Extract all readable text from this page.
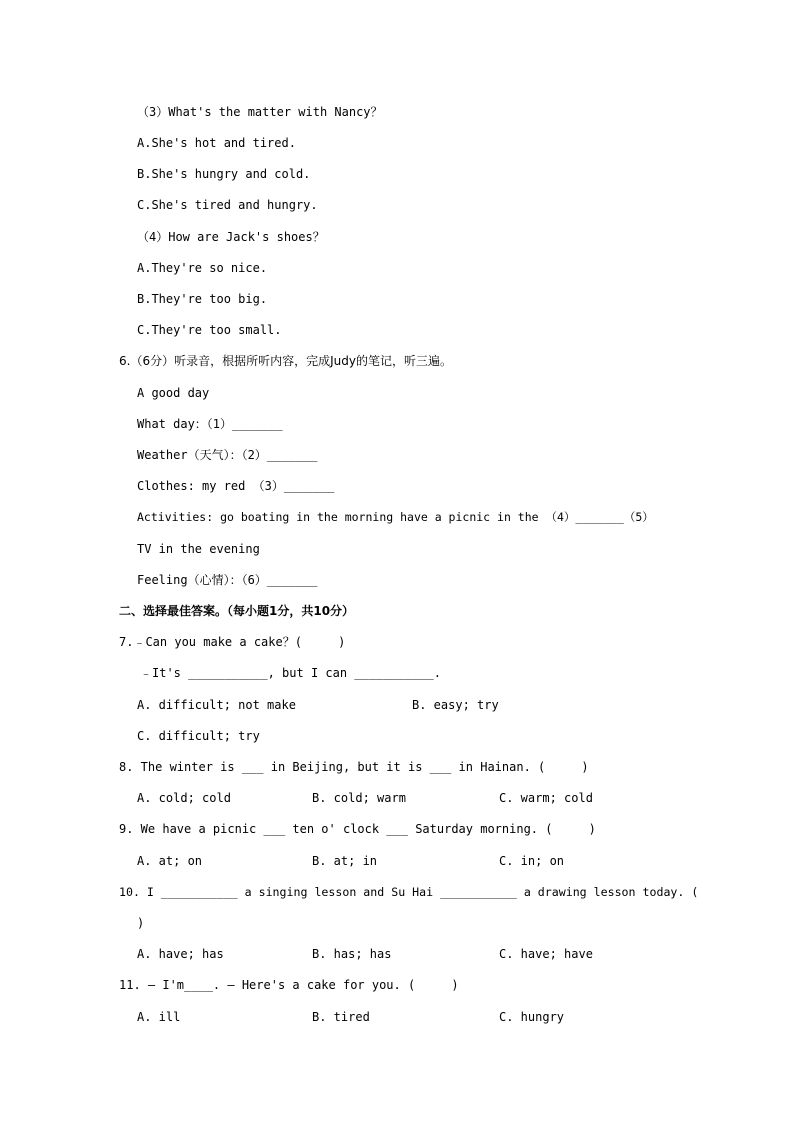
（3）What's the matter with Nancy？
A.She's hot and tired.
B.She's hungry and cold.
C.She's tired and hungry.
（4）How are Jack's shoes？
A.They're so nice.
B.They're too big.
C.They're too small.
6.（6分）听录音，根据所听内容，完成Judy的笔记，听三遍。
A good day
What day：（1）_______
Weather（天气）：（2）_______
Clothes: my red （3）_______
Activities: go boating in the morning have a picnic in the （4）_______（5）
TV in the evening
Feeling（心情）：（6）_______
二、选择最佳答案。（每小题1分，共10分）
7.﹣Can you make a cake？(     )
﹣It's ___________, but I can ___________.
A. difficult; not make	B. easy; try
C. difficult; try
8. The winter is ___ in Beijing, but it is ___ in Hainan. (     )
A. cold; cold	B. cold; warm	C. warm; cold
9. We have a picnic ___ ten o' clock ___ Saturday morning. (     )
A. at; on	B. at; in	C. in; on
10. I ___________ a singing lesson and Su Hai ___________ a drawing lesson today. (
)
A. have; has	B. has; has	C. have; have
11. — I'm____. — Here's a cake for you. (     )
A. ill	B. tired	C. hungry
